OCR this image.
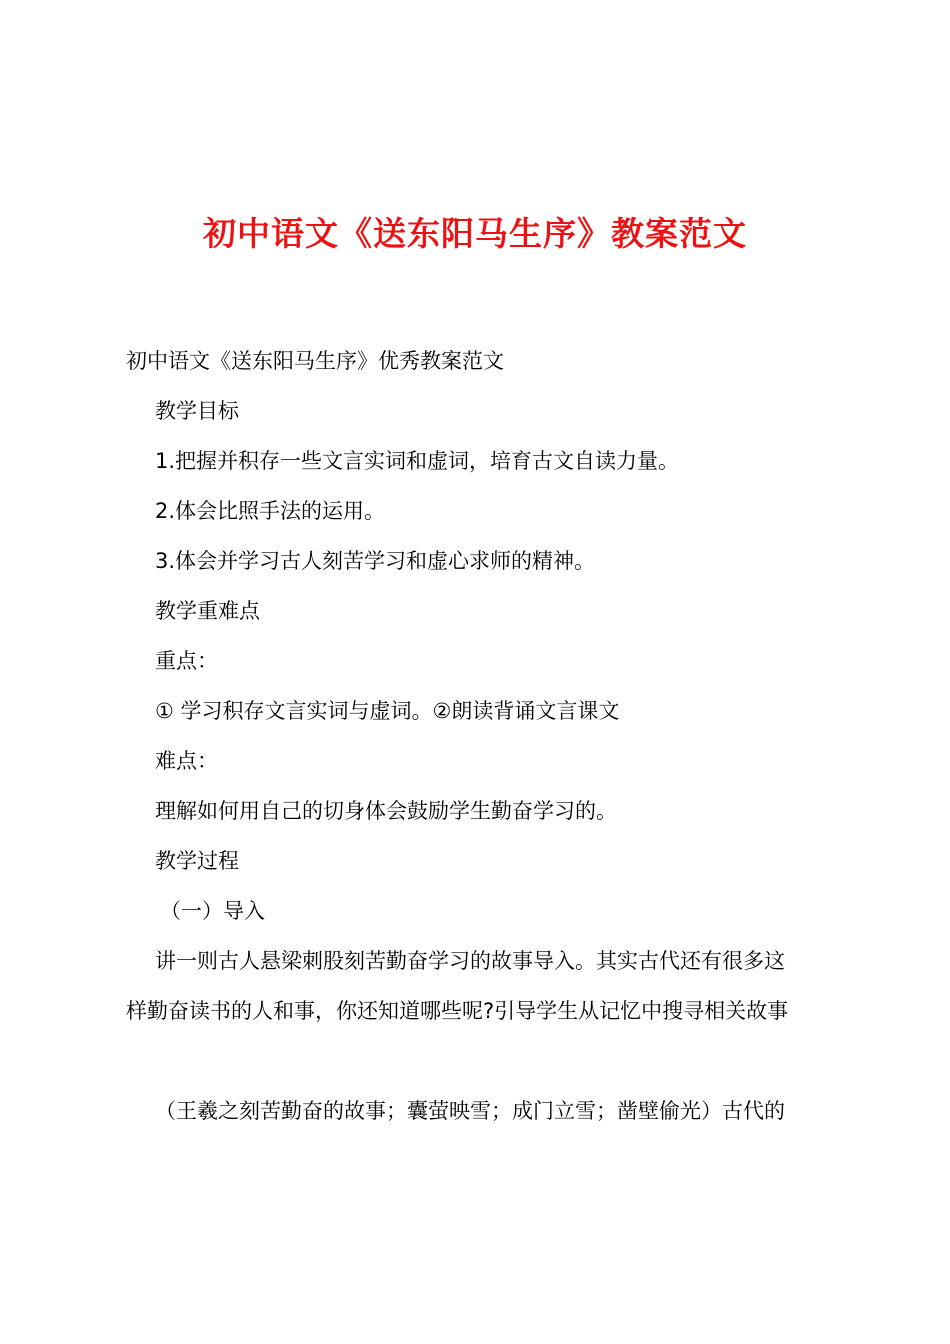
初中语文《送东阳马生序》教案范文
初中语文《送东阳马生序》优秀教案范文
教学目标
1.把握并积存一些文言实词和虚词，培育古文自读力量。
2.体会比照手法的运用。
3.体会并学习古人刻苦学习和虚心求师的精神。
教学重难点
重点：
① 学习积存文言实词与虚词。②朗读背诵文言课文
难点：
理解如何用自己的切身体会鼓励学生勤奋学习的。
教学过程
（一）导入
讲一则古人悬梁刺股刻苦勤奋学习的故事导入。其实古代还有很多这
样勤奋读书的人和事，你还知道哪些呢?引导学生从记忆中搜寻相关故事
（王羲之刻苦勤奋的故事；囊萤映雪；成门立雪；凿壁偷光）古代的
